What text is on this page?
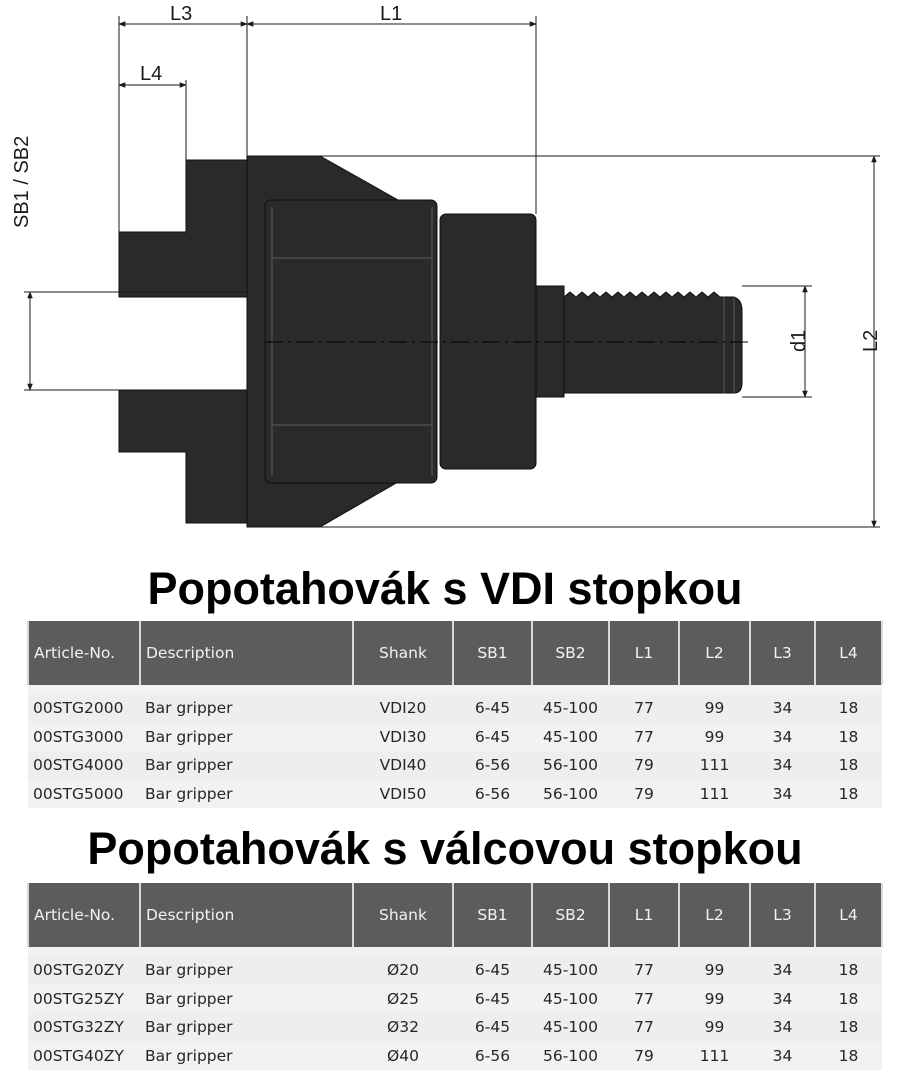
L3	L1
L4
SB1 / SB2
d1	L2
Popotahovák s VDI stopkou
Article-No.	Description	Shank	SB1	SB2	L1	L2	L3	L4

00STG2000	Bar gripper	VDI20	6-45	45-100	77	99	34	18
00STG3000	Bar gripper	VDI30	6-45	45-100	77	99	34	18
00STG4000	Bar gripper	VDI40	6-56	56-100	79	111	34	18
00STG5000	Bar gripper	VDI50	6-56	56-100	79	111	34	18
Popotahovák s válcovou stopkou
Article-No.	Description	Shank	SB1	SB2	L1	L2	L3	L4

00STG20ZY	Bar gripper	Ø20	6-45	45-100	77	99	34	18
00STG25ZY	Bar gripper	Ø25	6-45	45-100	77	99	34	18
00STG32ZY	Bar gripper	Ø32	6-45	45-100	77	99	34	18
00STG40ZY	Bar gripper	Ø40	6-56	56-100	79	111	34	18
